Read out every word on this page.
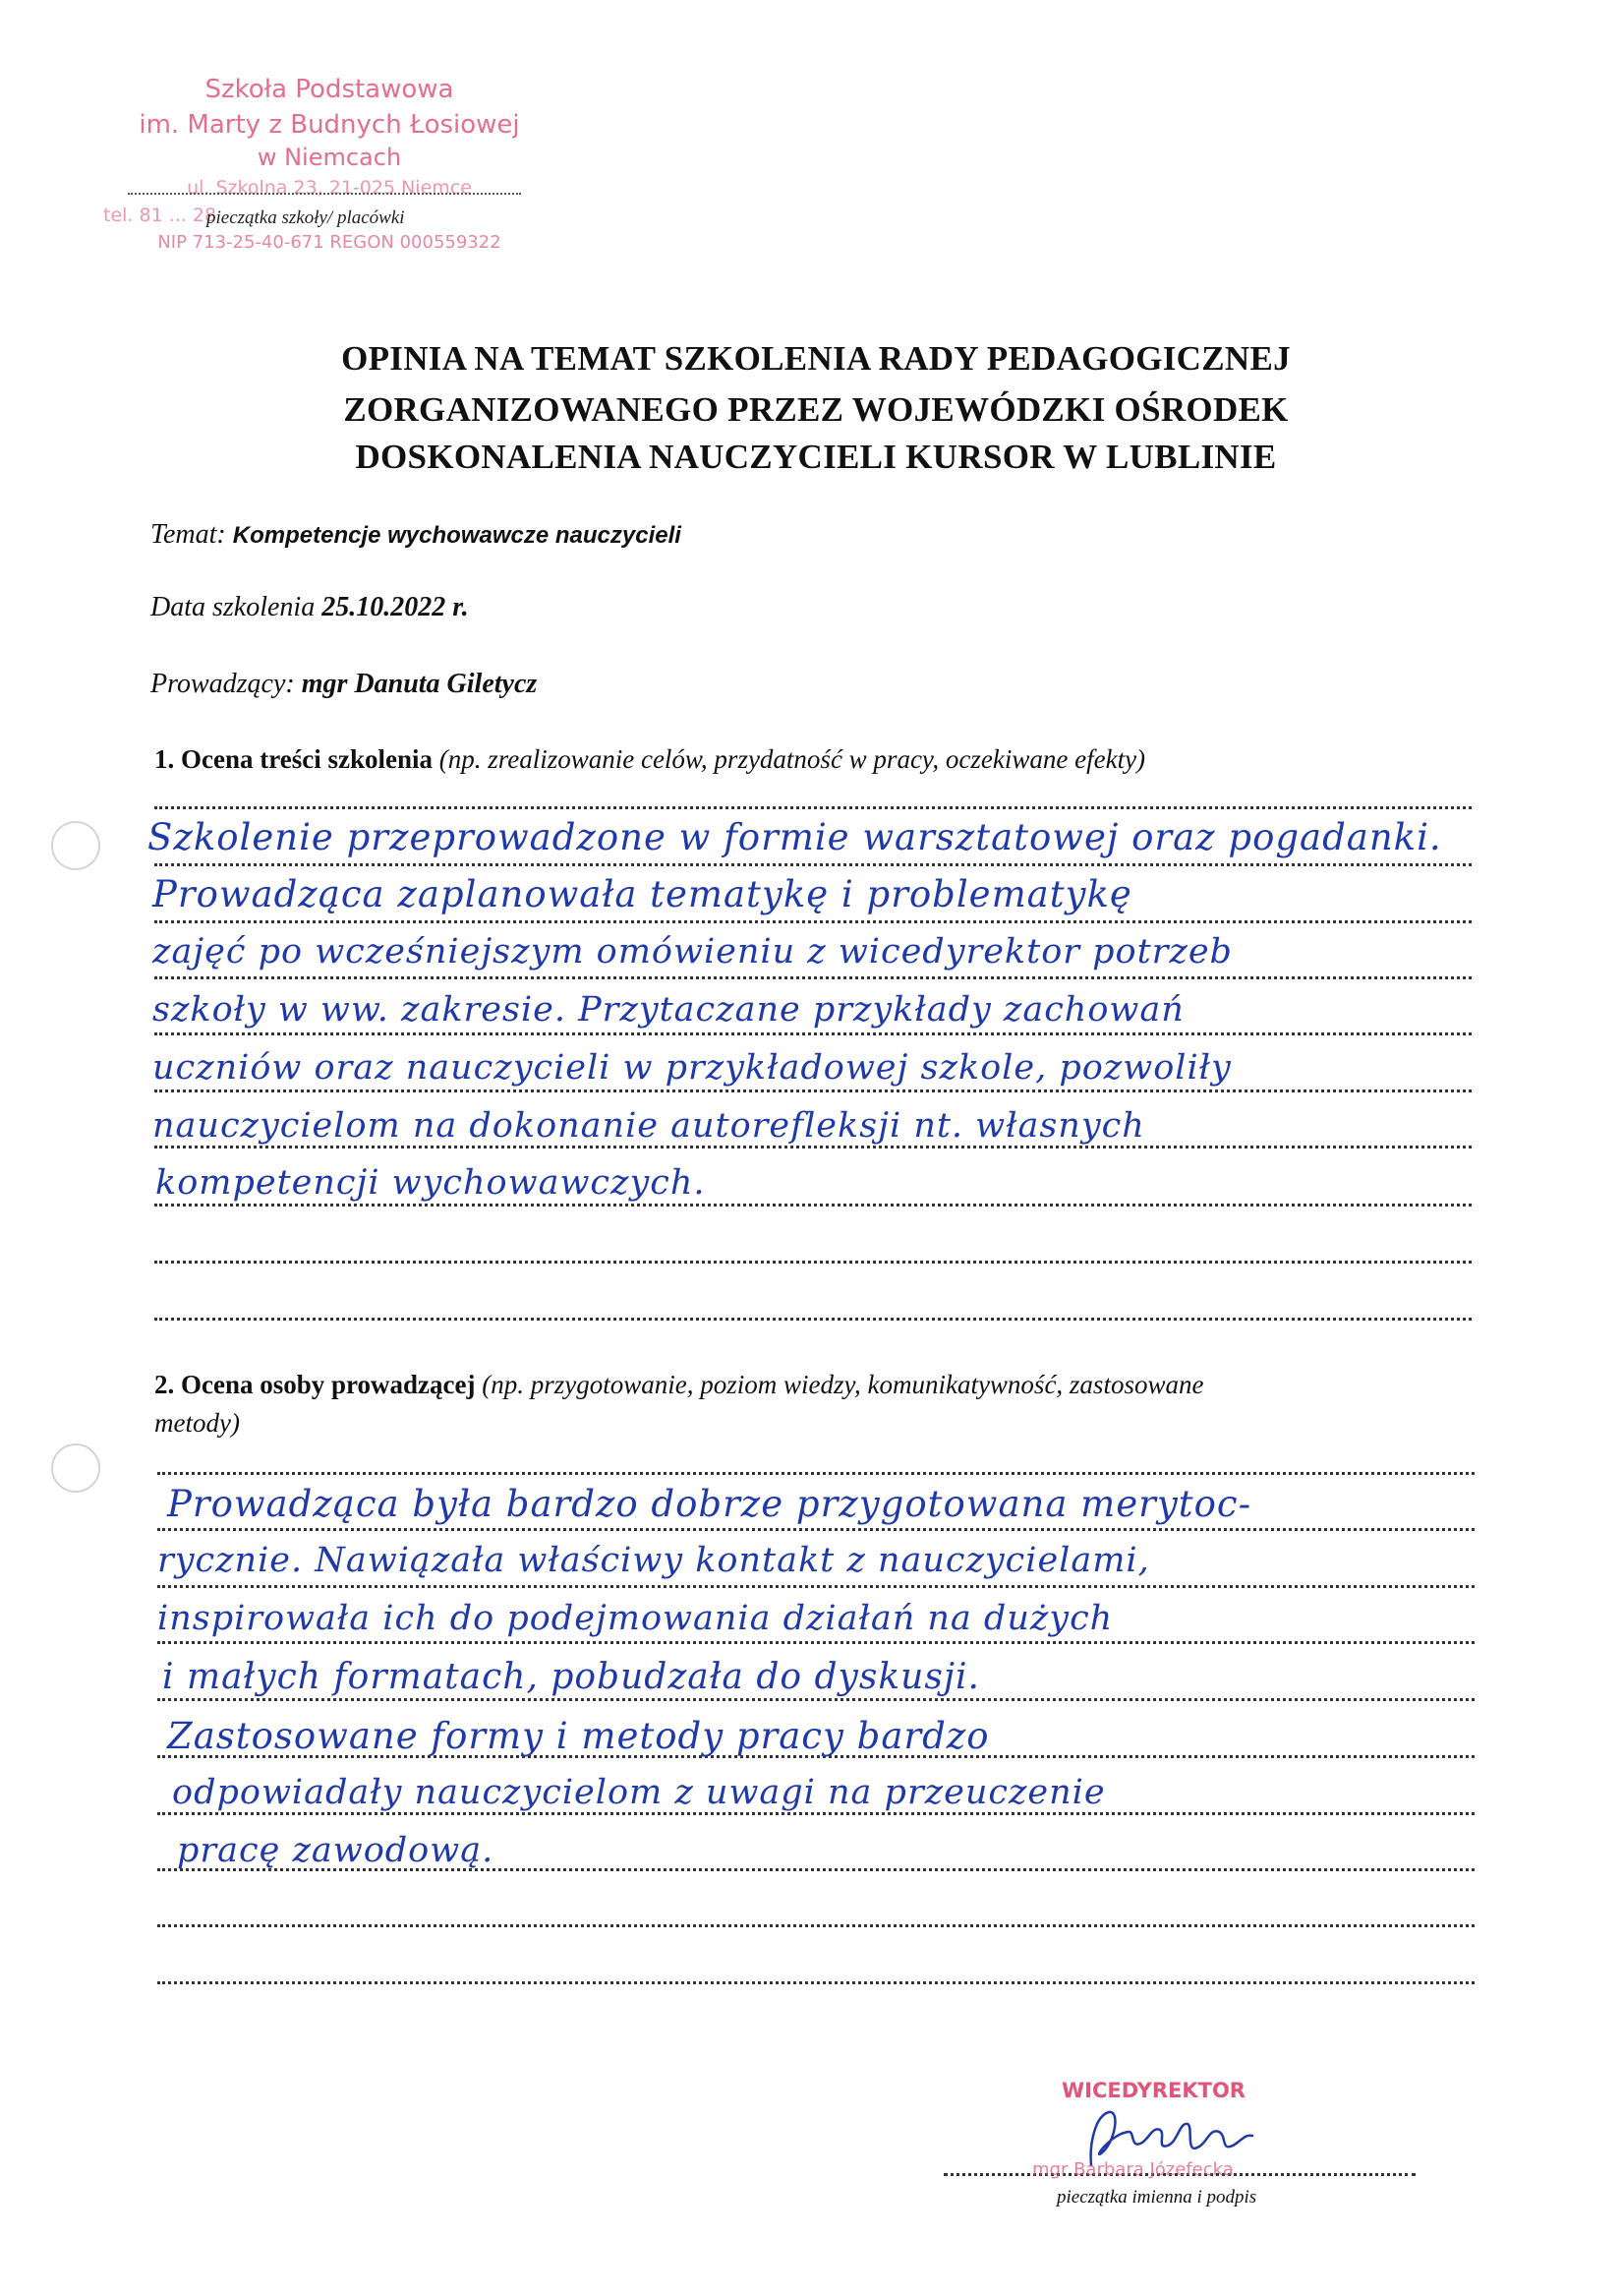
Szkoła Podstawowa
im. Marty z Budnych Łosiowej
w Niemcach
ul. Szkolna 23, 21-025 Niemce
tel. 81 ... 28
NIP 713-25-40-671 REGON 000559322
pieczątka szkoły/ placówki
OPINIA NA TEMAT SZKOLENIA RADY PEDAGOGICZNEJ
ZORGANIZOWANEGO PRZEZ WOJEWÓDZKI OŚRODEK
DOSKONALENIA NAUCZYCIELI KURSOR W LUBLINIE
Temat: Kompetencje wychowawcze nauczycieli
Data szkolenia 25.10.2022 r.
Prowadzący: mgr Danuta Giletycz
1. Ocena treści szkolenia (np. zrealizowanie celów, przydatność w pracy, oczekiwane efekty)
Szkolenie przeprowadzone w formie warsztatowej oraz pogadanki.
Prowadząca zaplanowała tematykę i problematykę
zajęć po wcześniejszym omówieniu z wicedyrektor potrzeb
szkoły w ww. zakresie. Przytaczane przykłady zachowań
uczniów oraz nauczycieli w przykładowej szkole, pozwoliły
nauczycielom na dokonanie autorefleksji nt. własnych
kompetencji wychowawczych.
2. Ocena osoby prowadzącej (np. przygotowanie, poziom wiedzy, komunikatywność, zastosowane
metody)
Prowadząca była bardzo dobrze przygotowana merytoc-
rycznie. Nawiązała właściwy kontakt z nauczycielami,
inspirowała ich do podejmowania działań na dużych
i małych formatach, pobudzała do dyskusji.
Zastosowane formy i metody pracy bardzo
odpowiadały nauczycielom z uwagi na przeuczenie
pracę zawodową.
WICEDYREKTOR
mgr Barbara Józefecka
pieczątka imienna i podpis
